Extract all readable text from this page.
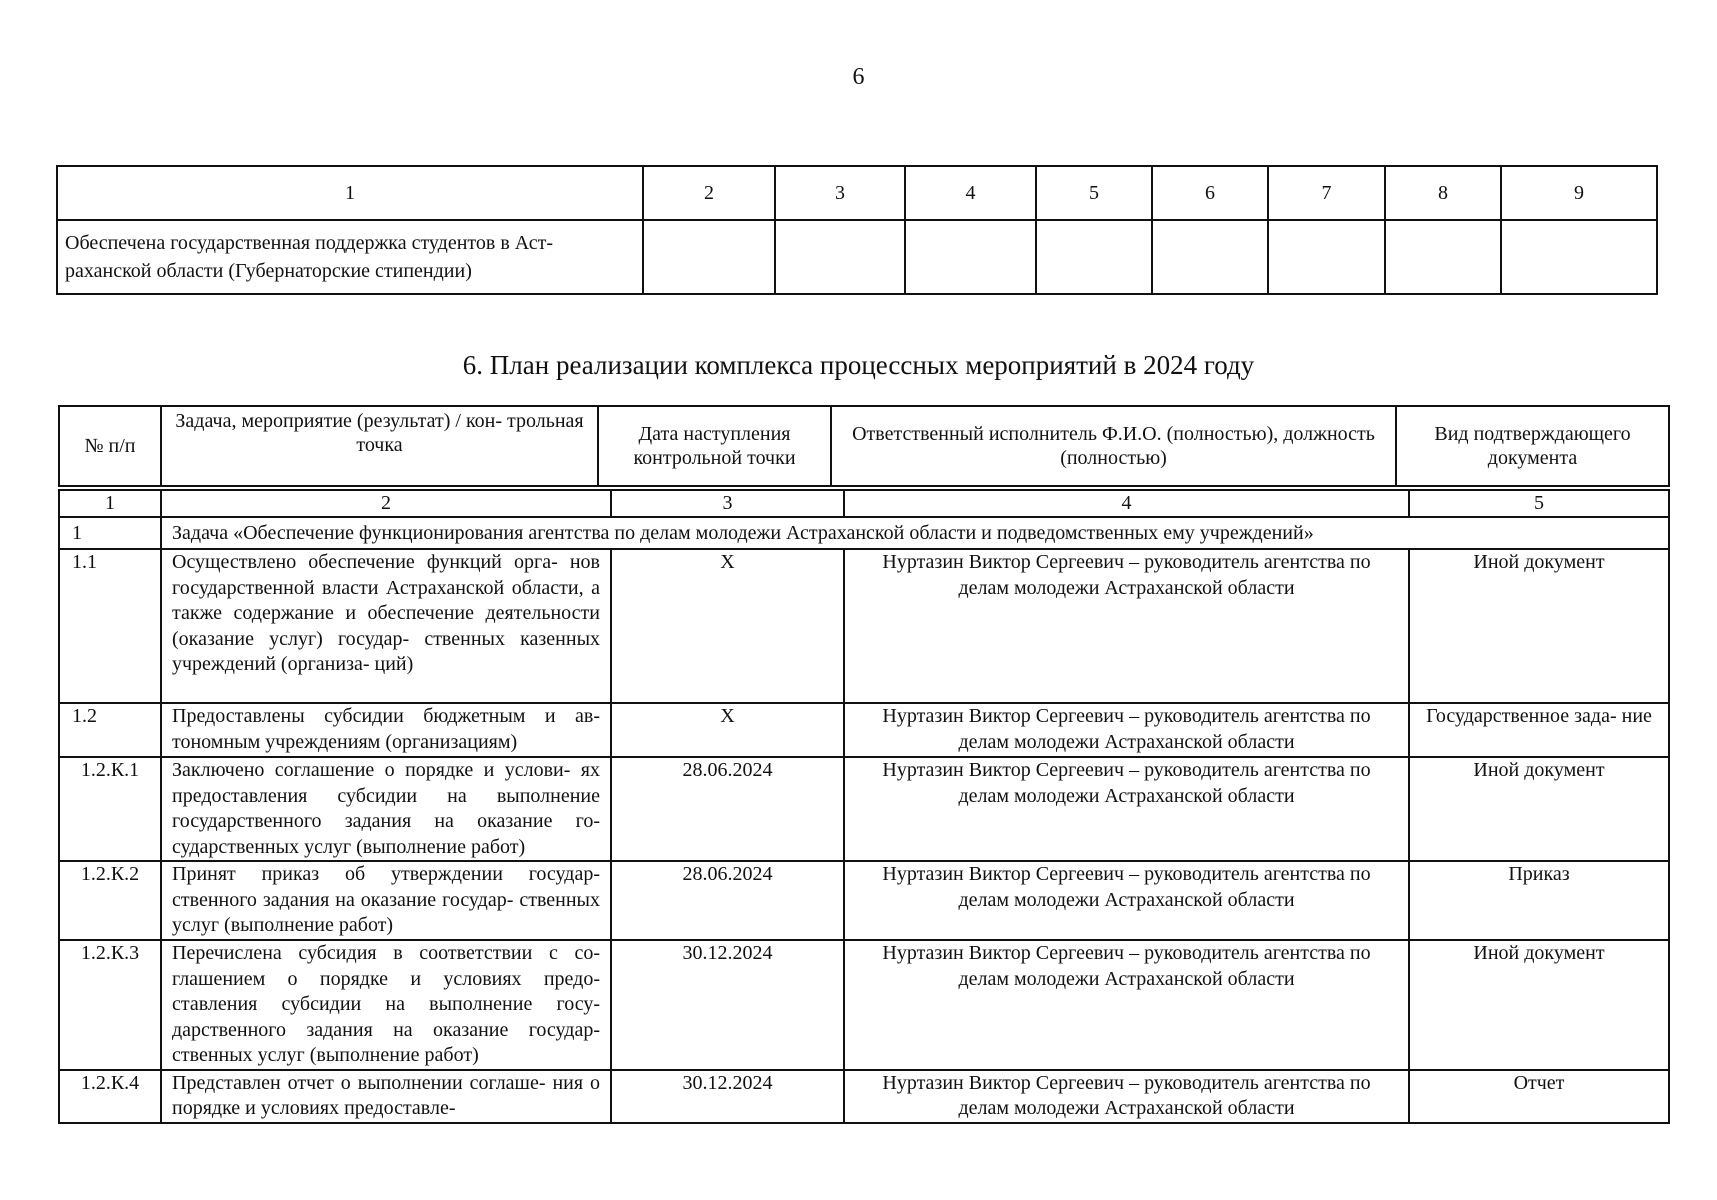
6
1	2	3	4	5	6	7	8	9
Обеспечена государственная поддержка студентов в Аст- раханской области (Губернаторские стипендии)								
6. План реализации комплекса процессных мероприятий в 2024 году
№ п/п	Задача, мероприятие (результат) / кон- трольная точка	Дата наступления контрольной точки	Ответственный исполнитель Ф.И.О. (полностью), должность (полностью)	Вид подтверждающего документа
1	2	3	4	5
1	Задача «Обеспечение функционирования агентства по делам молодежи Астраханской области и подведомственных ему учреждений»			
1.1	Осуществлено обеспечение функций орга- нов государственной власти Астраханской области, а также содержание и обеспечение деятельности (оказание услуг) государ- ственных казенных учреждений (организа- ций)	X	Нуртазин Виктор Сергеевич – руководитель агентства по делам молодежи Астраханской области	Иной документ
1.2	Предоставлены субсидии бюджетным и ав- тономным учреждениям (организациям)	X	Нуртазин Виктор Сергеевич – руководитель агентства по делам молодежи Астраханской области	Государственное зада- ние
1.2.К.1	Заключено соглашение о порядке и услови- ях предоставления субсидии на выполнение государственного задания на оказание го- сударственных услуг (выполнение работ)	28.06.2024	Нуртазин Виктор Сергеевич – руководитель агентства по делам молодежи Астраханской области	Иной документ
1.2.К.2	Принят приказ об утверждении государ- ственного задания на оказание государ- ственных услуг (выполнение работ)	28.06.2024	Нуртазин Виктор Сергеевич – руководитель агентства по делам молодежи Астраханской области	Приказ
1.2.К.3	Перечислена субсидия в соответствии с со- глашением о порядке и условиях предо- ставления субсидии на выполнение госу- дарственного задания на оказание государ- ственных услуг (выполнение работ)	30.12.2024	Нуртазин Виктор Сергеевич – руководитель агентства по делам молодежи Астраханской области	Иной документ
1.2.К.4	Представлен отчет о выполнении соглаше- ния о порядке и условиях предоставле-	30.12.2024	Нуртазин Виктор Сергеевич – руководитель агентства по делам молодежи Астраханской области	Отчет
